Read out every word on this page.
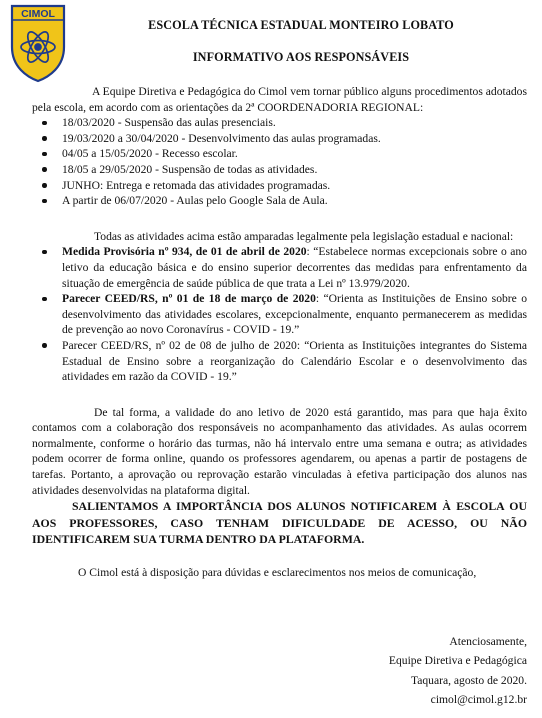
CIMOL
ESCOLA TÉCNICA ESTADUAL MONTEIRO LOBATO
INFORMATIVO AOS RESPONSÁVEIS

A Equipe Diretiva e Pedagógica do Cimol vem tornar público alguns procedimentos adotados pela escola, em acordo com as orientações da 2ª COORDENADORIA REGIONAL:

18/03/2020 - Suspensão das aulas presenciais.
19/03/2020 a 30/04/2020 - Desenvolvimento das aulas programadas.
04/05 a 15/05/2020 - Recesso escolar.
18/05 a 29/05/2020 - Suspensão de todas as atividades.
JUNHO: Entrega e retomada das atividades programadas.
A partir de 06/07/2020 - Aulas pelo Google Sala de Aula.

Todas as atividades acima estão amparadas legalmente pela legislação estadual e nacional:

Medida Provisória nº 934, de 01 de abril de 2020: “Estabelece normas excepcionais sobre o ano letivo da educação básica e do ensino superior decorrentes das medidas para enfrentamento da situação de emergência de saúde pública de que trata a Lei nº 13.979/2020.
Parecer CEED/RS, nº 01 de 18 de março de 2020: “Orienta as Instituições de Ensino sobre o desenvolvimento das atividades escolares, excepcionalmente, enquanto permanecerem as medidas de prevenção ao novo Coronavírus - COVID - 19.”
Parecer CEED/RS, nº 02 de 08 de julho de 2020: “Orienta as Instituições integrantes do Sistema Estadual de Ensino sobre a reorganização do Calendário Escolar e o desenvolvimento das atividades em razão da COVID - 19.”

De tal forma, a validade do ano letivo de 2020 está garantido, mas para que haja êxito contamos com a colaboração dos responsáveis no acompanhamento das atividades. As aulas ocorrem normalmente, conforme o horário das turmas, não há intervalo entre uma semana e outra; as atividades podem ocorrer de forma online, quando os professores agendarem, ou apenas a partir de postagens de tarefas. Portanto, a aprovação ou reprovação estarão vinculadas à efetiva participação dos alunos nas atividades desenvolvidas na plataforma digital.

SALIENTAMOS A IMPORTÂNCIA DOS ALUNOS NOTIFICAREM À ESCOLA OU AOS PROFESSORES, CASO TENHAM DIFICULDADE DE ACESSO, OU NÃO IDENTIFICAREM SUA TURMA DENTRO DA PLATAFORMA.

O Cimol está à disposição para dúvidas e esclarecimentos nos meios de comunicação,

Atenciosamente,
Equipe Diretiva e Pedagógica
Taquara, agosto de 2020.
cimol@cimol.g12.br
